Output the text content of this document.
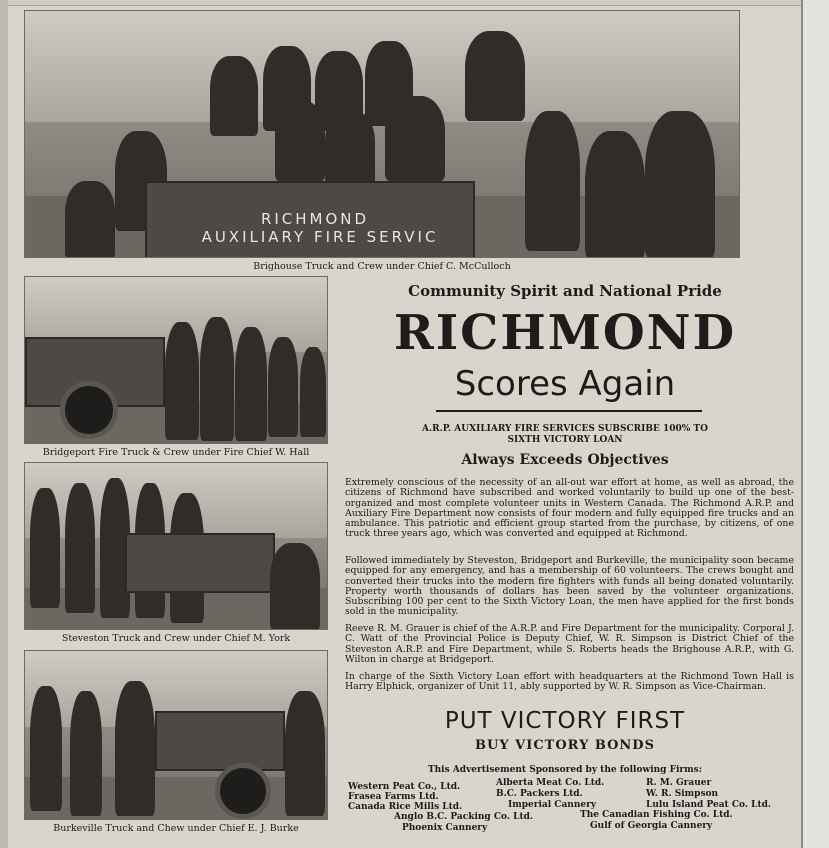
RICHMOND
AUXILIARY FIRE SERVIC
Brighouse Truck and Crew under Chief C. McCulloch
Bridgeport Fire Truck & Crew under Fire Chief W. Hall
Steveston Truck and Crew under Chief M. York
Burkeville Truck and Chew under Chief E. J. Burke
Community Spirit and National Pride
RICHMOND
Scores Again
A.R.P. AUXILIARY FIRE SERVICES SUBSCRIBE 100% TO
SIXTH VICTORY LOAN
Always Exceeds Objectives
Extremely conscious of the necessity of an all-out war effort at home, as well as abroad, the citizens of Richmond have subscribed and worked voluntarily to build up one of the best-organized and most complete volunteer units in Western Canada. The Richmond A.R.P. and Auxiliary Fire Department now consists of four modern and fully equipped fire trucks and an ambulance. This patriotic and efficient group started from the purchase, by citizens, of one truck three years ago, which was converted and equipped at Richmond.
Followed immediately by Steveston, Bridgeport and Burkeville, the municipality soon became equipped for any emergency, and has a membership of 60 volunteers. The crews bought and converted their trucks into the modern fire fighters with funds all being donated voluntarily. Property worth thousands of dollars has been saved by the volunteer organizations. Subscribing 100 per cent to the Sixth Victory Loan, the men have applied for the first bonds sold in the municipality.
Reeve R. M. Grauer is chief of the A.R.P. and Fire Department for the municipality. Corporal J. C. Watt of the Provincial Police is Deputy Chief, W. R. Simpson is District Chief of the Steveston A.R.P. and Fire Department, while S. Roberts heads the Brighouse A.R.P., with G. Wilton in charge at Bridgeport.
In charge of the Sixth Victory Loan effort with headquarters at the Richmond Town Hall is Harry Elphick, organizer of Unit 11, ably supported by W. R. Simpson as Vice-Chairman.
PUT VICTORY FIRST
BUY VICTORY BONDS
This Advertisement Sponsored by the following Firms:
Western Peat Co., Ltd.	Alberta Meat Co. Ltd.	R. M. Grauer
Frasea Farms Ltd.	B.C. Packers Ltd.	W. R. Simpson
Canada Rice Mills Ltd.	Imperial Cannery	Lulu Island Peat Co. Ltd.
Anglo B.C. Packing Co. Ltd.	The Canadian Fishing Co. Ltd.
Phoenix Cannery	Gulf of Georgia Cannery
